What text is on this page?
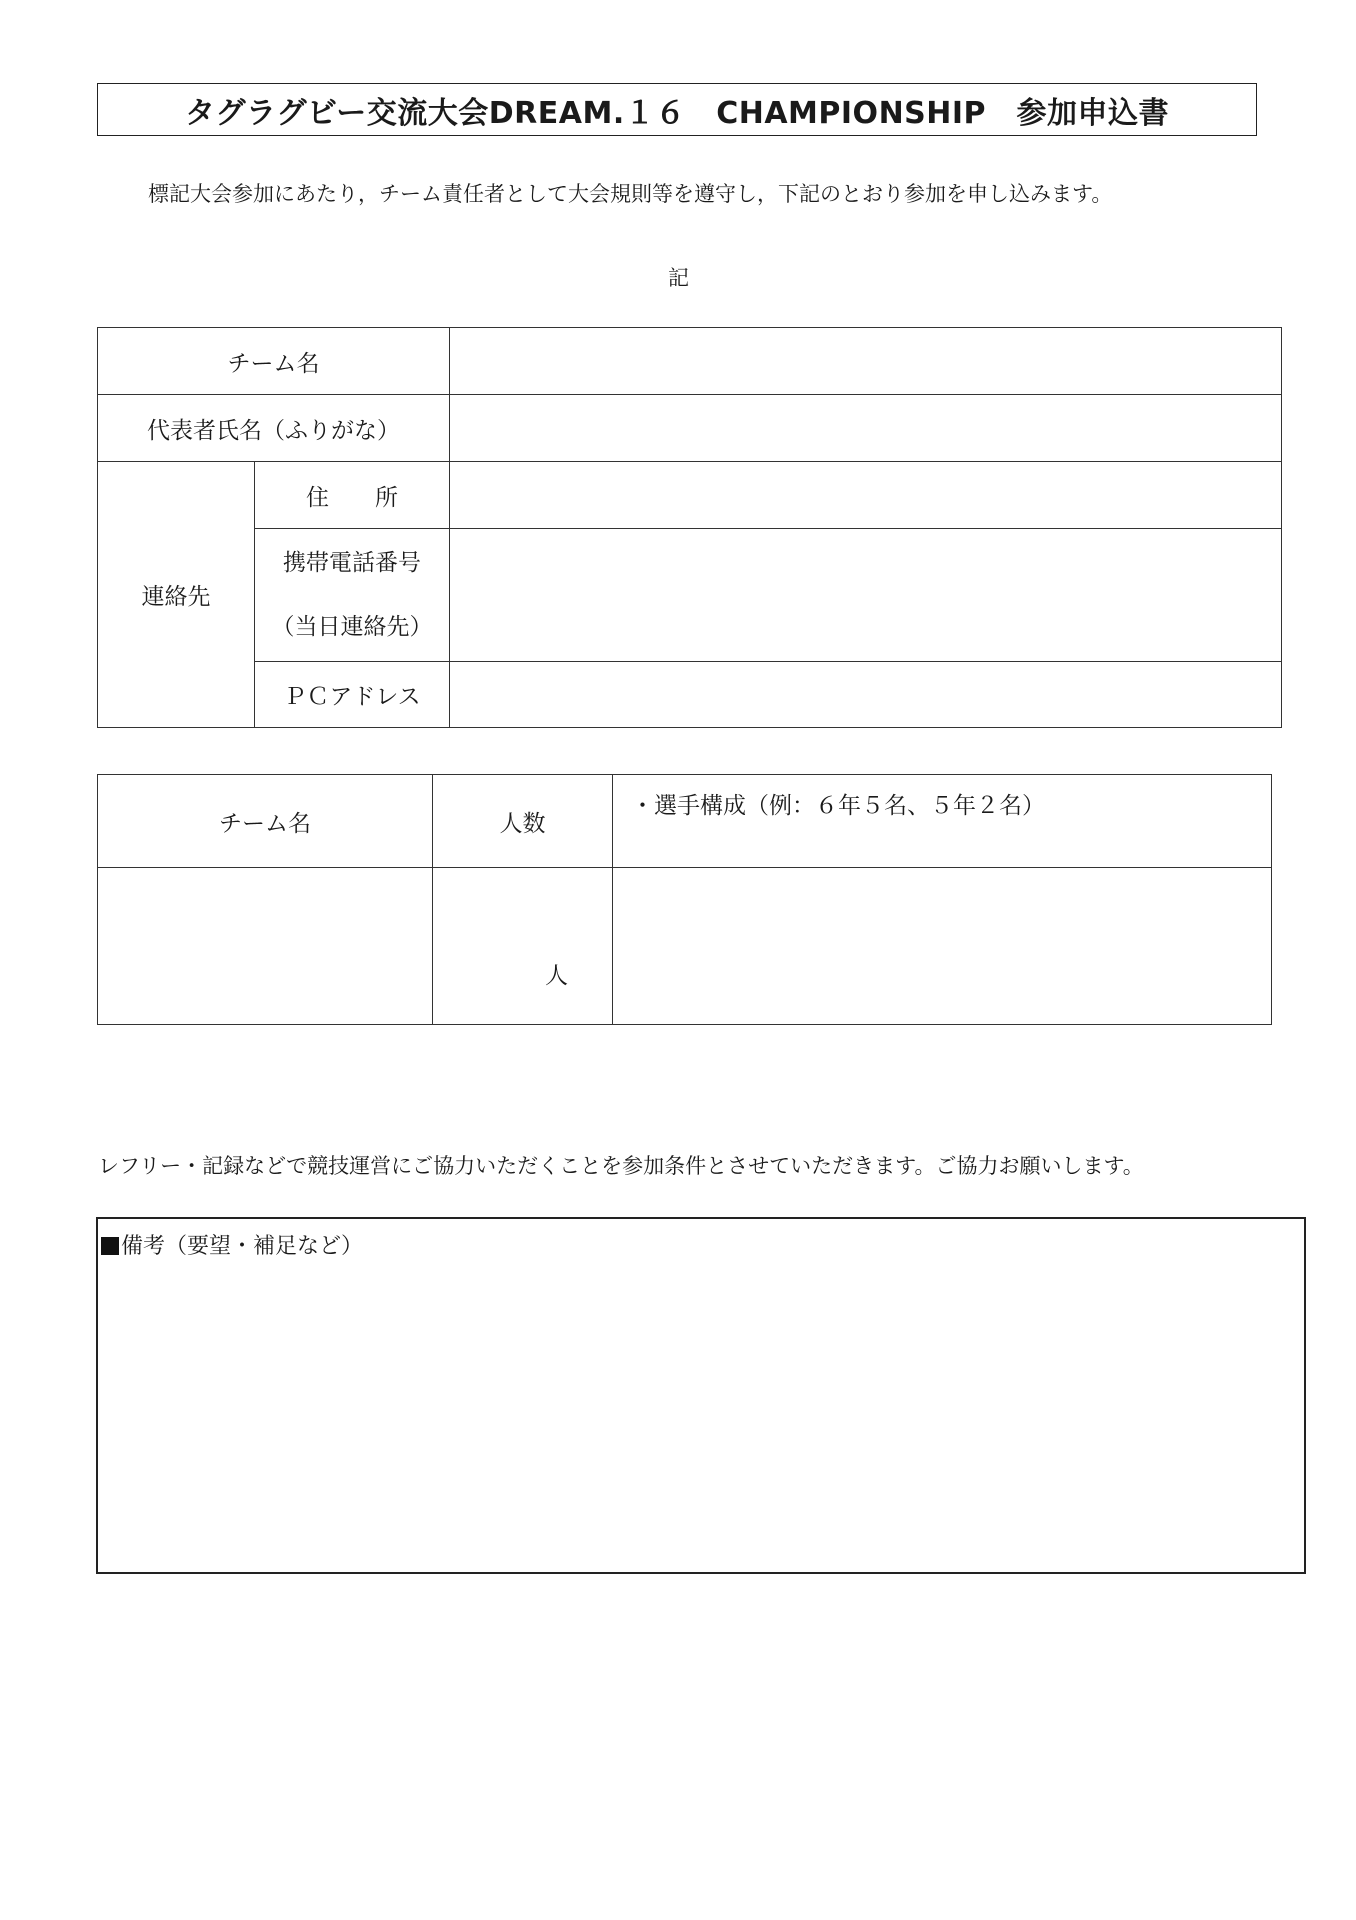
タグラグビー交流大会DREAM.１６　CHAMPIONSHIP　参加申込書
標記大会参加にあたり，チーム責任者として大会規則等を遵守し，下記のとおり参加を申し込みます。
記
チーム名		
代表者氏名（ふりがな）		
連絡先	住　　所	

	携帯電話番号
（当日連絡先）	

	ＰＣアドレス	
チーム名	人数	・選手構成（例：６年５名、５年２名）
	人	
レフリー・記録などで競技運営にご協力いただくことを参加条件とさせていただきます。ご協力お願いします。
備考（要望・補足など）
